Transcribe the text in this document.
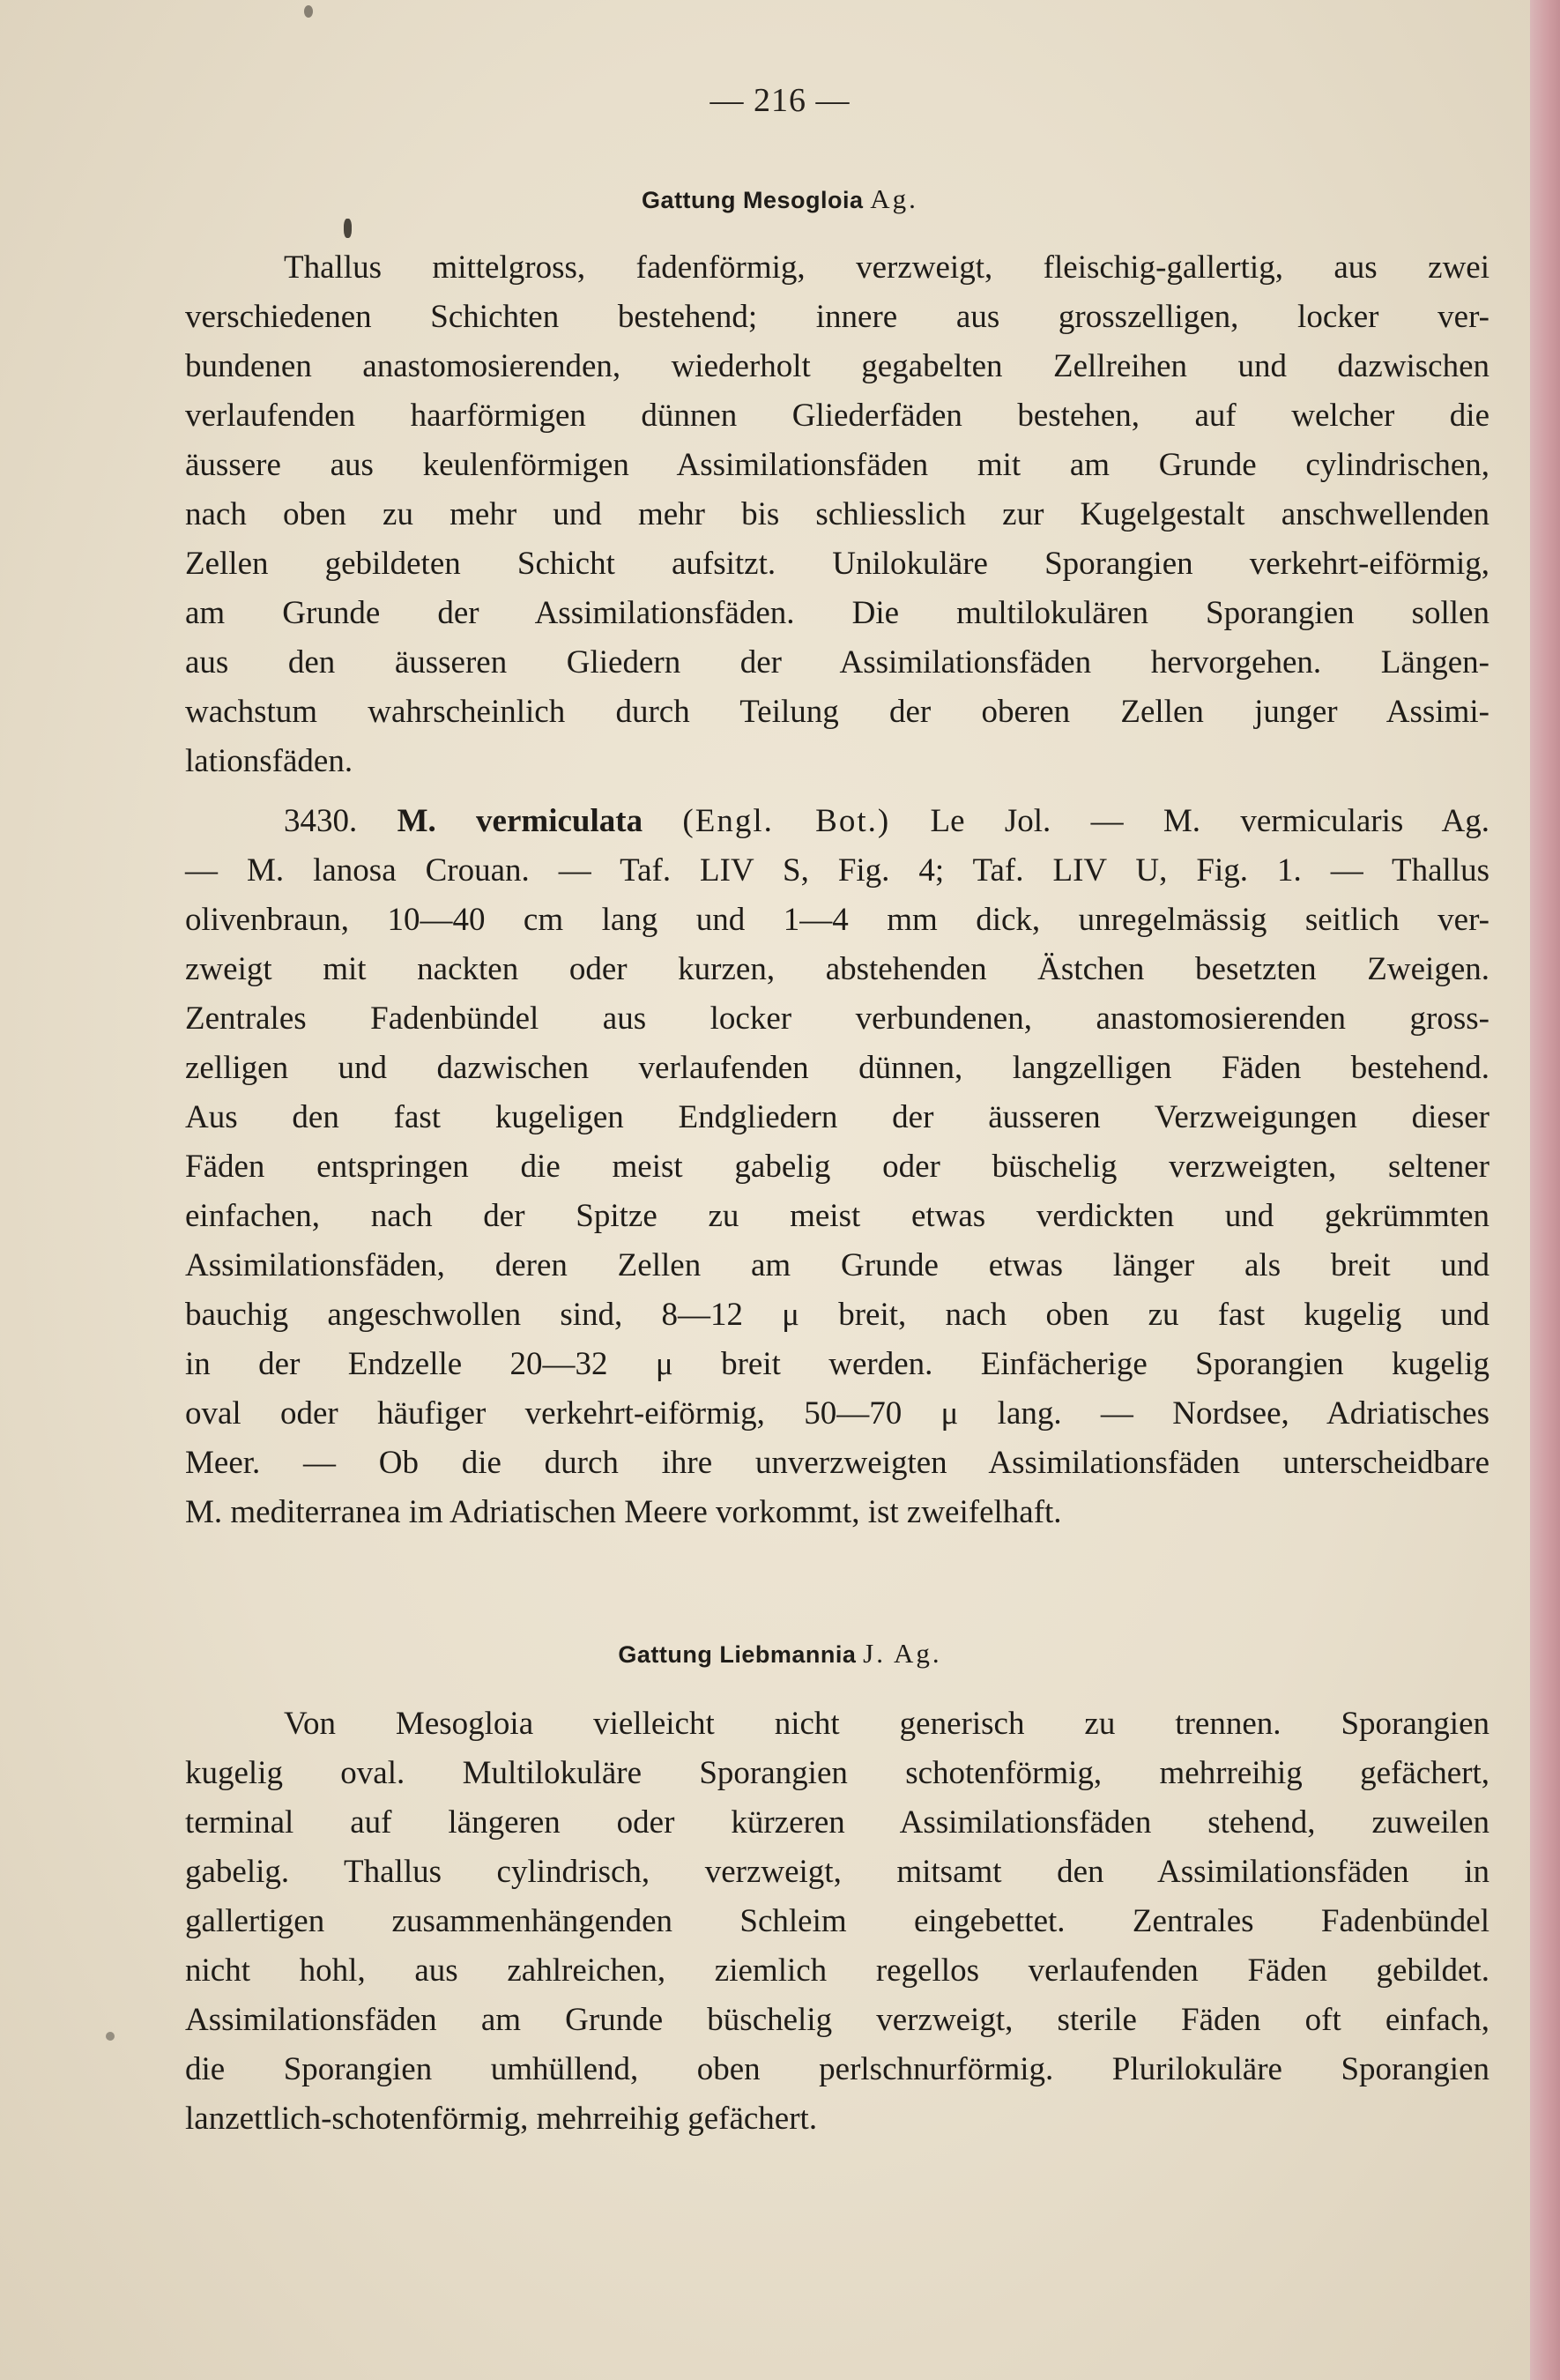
— 216 —
Gattung Mesogloia Ag.
Thallus mittelgross, fadenförmig, verzweigt, fleischig-gallertig, aus zwei
verschiedenen Schichten bestehend; innere aus grosszelligen, locker ver-
bundenen anastomosierenden, wiederholt gegabelten Zellreihen und dazwischen
verlaufenden haarförmigen dünnen Gliederfäden bestehen, auf welcher die
äussere aus keulenförmigen Assimilationsfäden mit am Grunde cylindrischen,
nach oben zu mehr und mehr bis schliesslich zur Kugelgestalt anschwellenden
Zellen gebildeten Schicht aufsitzt. Unilokuläre Sporangien verkehrt-eiförmig,
am Grunde der Assimilationsfäden. Die multilokulären Sporangien sollen
aus den äusseren Gliedern der Assimilationsfäden hervorgehen. Längen-
wachstum wahrscheinlich durch Teilung der oberen Zellen junger Assimi-
lationsfäden.
3430. M. vermiculata (Engl. Bot.) Le Jol. — M. vermicularis Ag.
— M. lanosa Crouan. — Taf. LIV S, Fig. 4; Taf. LIV U, Fig. 1. — Thallus
olivenbraun, 10—40 cm lang und 1—4 mm dick, unregelmässig seitlich ver-
zweigt mit nackten oder kurzen, abstehenden Ästchen besetzten Zweigen.
Zentrales Fadenbündel aus locker verbundenen, anastomosierenden gross-
zelligen und dazwischen verlaufenden dünnen, langzelligen Fäden bestehend.
Aus den fast kugeligen Endgliedern der äusseren Verzweigungen dieser
Fäden entspringen die meist gabelig oder büschelig verzweigten, seltener
einfachen, nach der Spitze zu meist etwas verdickten und gekrümmten
Assimilationsfäden, deren Zellen am Grunde etwas länger als breit und
bauchig angeschwollen sind, 8—12 μ breit, nach oben zu fast kugelig und
in der Endzelle 20—32 μ breit werden. Einfächerige Sporangien kugelig
oval oder häufiger verkehrt-eiförmig, 50—70 μ lang. — Nordsee, Adriatisches
Meer. — Ob die durch ihre unverzweigten Assimilationsfäden unterscheidbare
M. mediterranea im Adriatischen Meere vorkommt, ist zweifelhaft.
Gattung Liebmannia J. Ag.
Von Mesogloia vielleicht nicht generisch zu trennen. Sporangien
kugelig oval. Multilokuläre Sporangien schotenförmig, mehrreihig gefächert,
terminal auf längeren oder kürzeren Assimilationsfäden stehend, zuweilen
gabelig. Thallus cylindrisch, verzweigt, mitsamt den Assimilationsfäden in
gallertigen zusammenhängenden Schleim eingebettet. Zentrales Fadenbündel
nicht hohl, aus zahlreichen, ziemlich regellos verlaufenden Fäden gebildet.
Assimilationsfäden am Grunde büschelig verzweigt, sterile Fäden oft einfach,
die Sporangien umhüllend, oben perlschnurförmig. Plurilokuläre Sporangien
lanzettlich-schotenförmig, mehrreihig gefächert.
